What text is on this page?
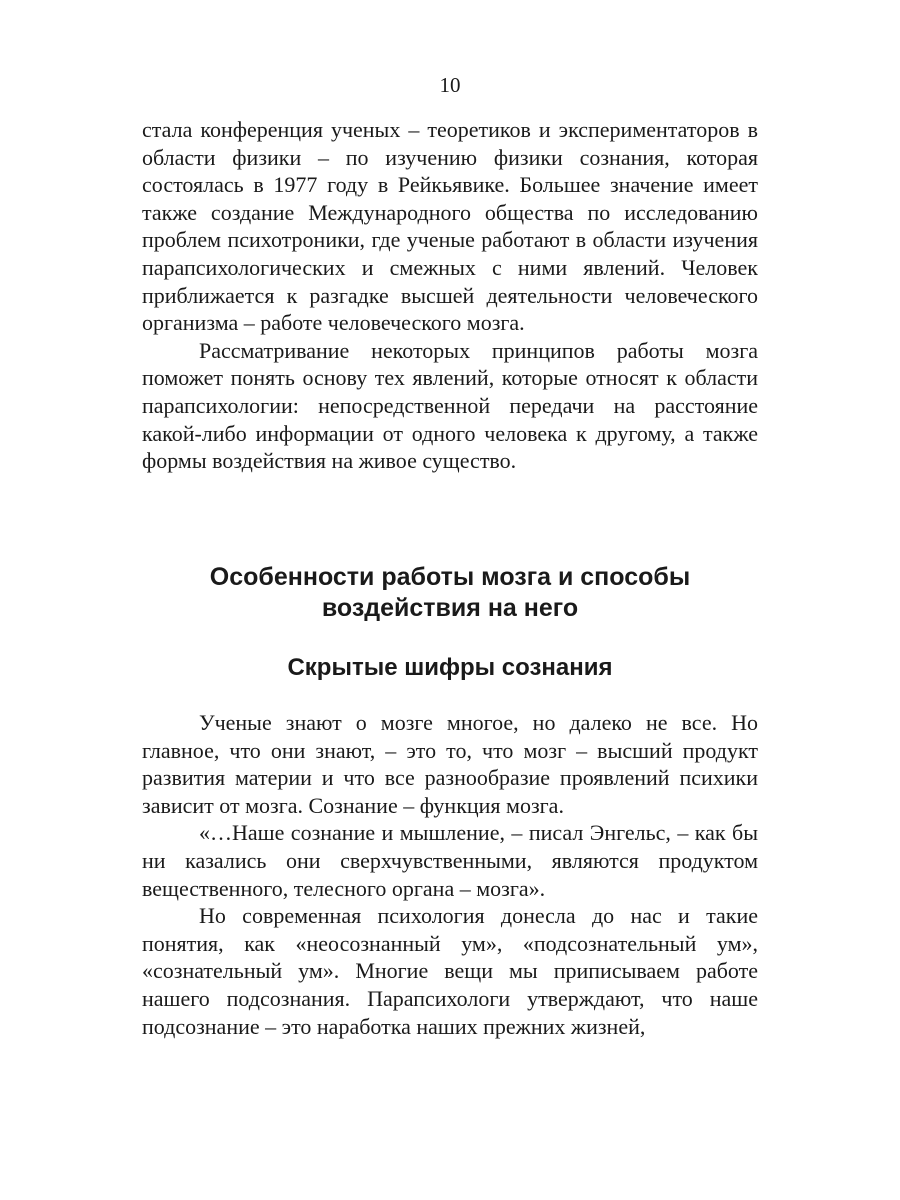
10

стала конференция ученых – теоретиков и экспериментаторов в области физики – по изучению физики сознания, которая состоялась в 1977 году в Рейкьявике. Большее значение имеет также создание Международного общества по исследованию проблем психотроники, где ученые работают в области изучения парапсихологических и смежных с ними явлений. Человек приближается к разгадке высшей деятельности человеческого организма – работе человеческого мозга.

Рассматривание некоторых принципов работы мозга поможет понять основу тех явлений, которые относят к области парапсихологии: непосредственной передачи на расстояние какой-либо информации от одного человека к другому, а также формы воздействия на живое существо.

Особенности работы мозга и способы
воздействия на него
Скрытые шифры сознания

Ученые знают о мозге многое, но далеко не все. Но главное, что они знают, – это то, что мозг – высший продукт развития материи и что все разнообразие проявлений психики зависит от мозга. Сознание – функция мозга.

«…Наше сознание и мышление, – писал Энгельс, – как бы ни казались они сверхчувственными, являются продуктом вещественного, телесного органа – мозга».

Но современная психология донесла до нас и такие понятия, как «неосознанный ум», «подсознательный ум», «сознательный ум». Многие вещи мы приписываем работе нашего подсознания. Парапсихологи утверждают, что наше подсознание – это наработка наших прежних жизней,
